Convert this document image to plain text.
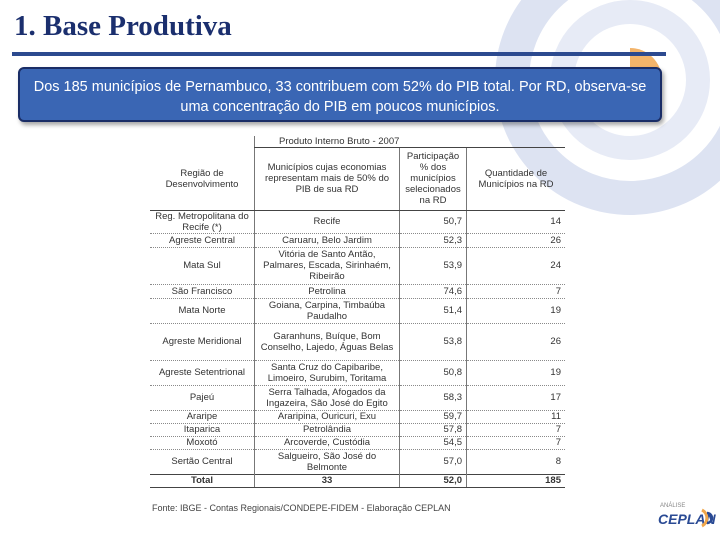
1. Base Produtiva
Dos 185 municípios de Pernambuco, 33 contribuem com 52% do PIB total. Por RD, observa-se uma concentração do PIB em poucos municípios.
	Produto Interno Bruto - 2007		
Região de Desenvolvimento	Municípios cujas economias representam mais de 50% do PIB de sua RD	Participação % dos municípios selecionados na RD	Quantidade de Municípios na RD
Reg. Metropolitana do Recife (*)	Recife	50,7	14
Agreste Central	Caruaru, Belo Jardim	52,3	26
Mata Sul	Vitória de Santo Antão, Palmares, Escada, Sirinhaém, Ribeirão	53,9	24
São Francisco	Petrolina	74,6	7
Mata Norte	Goiana, Carpina, Timbaúba Paudalho	51,4	19
Agreste Meridional	Garanhuns, Buíque, Bom Conselho, Lajedo, Águas Belas	53,8	26
Agreste Setentrional	Santa Cruz do Capibaribe, Limoeiro, Surubim, Toritama	50,8	19
Pajeú	Serra Talhada, Afogados da Ingazeira, São José do Egito	58,3	17
Araripe	Araripina, Ouricuri, Exu	59,7	11
Itaparica	Petrolândia	57,8	7
Moxotó	Arcoverde, Custódia	54,5	7
Sertão Central	Salgueiro, São José do Belmonte	57,0	8
Total	33	52,0	185
Fonte: IBGE - Contas Regionais/CONDEPE-FIDEM - Elaboração CEPLAN	ANÁLISE
CEPLAN
